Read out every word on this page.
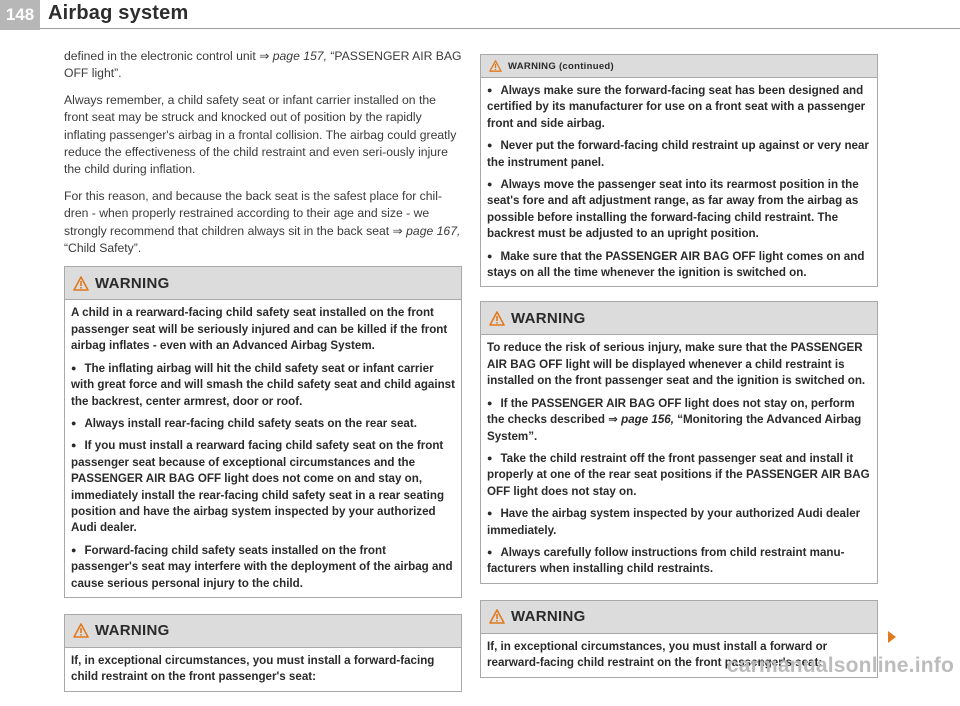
148 Airbag system

defined in the electronic control unit ⇒ page 157, “PASSENGER AIR BAG OFF light”.

Always remember, a child safety seat or infant carrier installed on the front seat may be struck and knocked out of position by the rapidly inflating passenger's airbag in a frontal collision. The airbag could greatly reduce the effectiveness of the child restraint and even seri-ously injure the child during inflation.

For this reason, and because the back seat is the safest place for chil-dren - when properly restrained according to their age and size - we strongly recommend that children always sit in the back seat ⇒ page 167, “Child Safety”.

WARNING

A child in a rearward-facing child safety seat installed on the front passenger seat will be seriously injured and can be killed if the front airbag inflates - even with an Advanced Airbag System.

● The inflating airbag will hit the child safety seat or infant carrier with great force and will smash the child safety seat and child against the backrest, center armrest, door or roof.

● Always install rear-facing child safety seats on the rear seat.

● If you must install a rearward facing child safety seat on the front passenger seat because of exceptional circumstances and the PASSENGER AIR BAG OFF light does not come on and stay on, immediately install the rear-facing child safety seat in a rear seating position and have the airbag system inspected by your authorized Audi dealer.

● Forward-facing child safety seats installed on the front passenger's seat may interfere with the deployment of the airbag and cause serious personal injury to the child.

WARNING

If, in exceptional circumstances, you must install a forward-facing child restraint on the front passenger's seat:

WARNING (continued)

● Always make sure the forward-facing seat has been designed and certified by its manufacturer for use on a front seat with a passenger front and side airbag.

● Never put the forward-facing child restraint up against or very near the instrument panel.

● Always move the passenger seat into its rearmost position in the seat's fore and aft adjustment range, as far away from the airbag as possible before installing the forward-facing child restraint. The backrest must be adjusted to an upright position.

● Make sure that the PASSENGER AIR BAG OFF light comes on and stays on all the time whenever the ignition is switched on.

WARNING

To reduce the risk of serious injury, make sure that the PASSENGER AIR BAG OFF light will be displayed whenever a child restraint is installed on the front passenger seat and the ignition is switched on.

● If the PASSENGER AIR BAG OFF light does not stay on, perform the checks described ⇒ page 156, “Monitoring the Advanced Airbag System”.

● Take the child restraint off the front passenger seat and install it properly at one of the rear seat positions if the PASSENGER AIR BAG OFF light does not stay on.

● Have the airbag system inspected by your authorized Audi dealer immediately.

● Always carefully follow instructions from child restraint manu-facturers when installing child restraints.

WARNING

If, in exceptional circumstances, you must install a forward or rearward-facing child restraint on the front passenger's seat:

carmanualsonline.info
